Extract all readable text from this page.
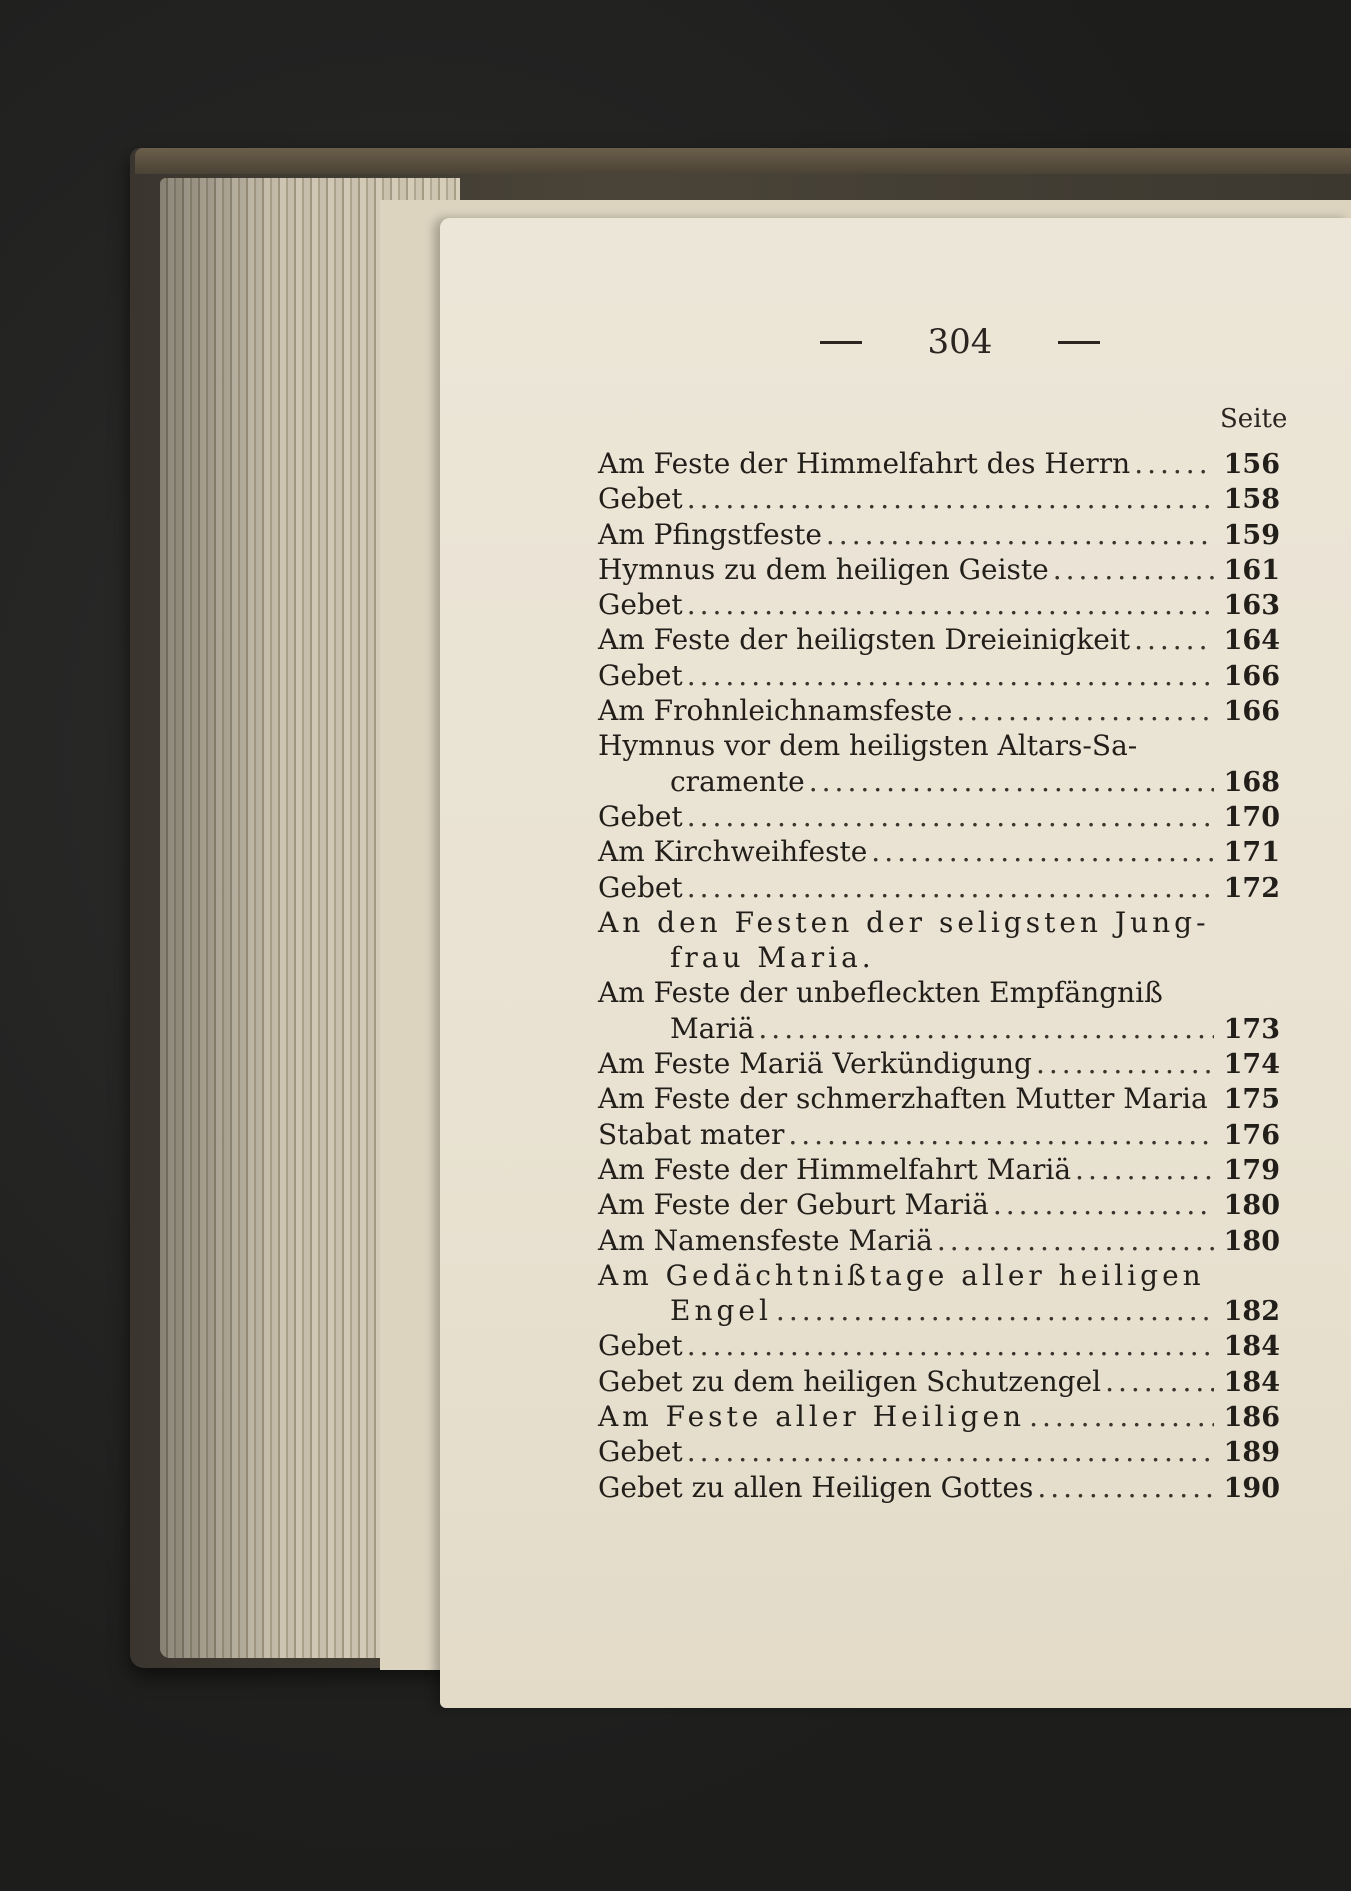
304
Seite
Am Feste der Himmelfahrt des Herrn .....	156
Gebet .....	158
Am Pfingstfeste .....	159
Hymnus zu dem heiligen Geiste .....	161
Gebet .....	163
Am Feste der heiligsten Dreieinigkeit .....	164
Gebet .....	166
Am Frohnleichnamsfeste .....	166
Hymnus vor dem heiligsten Altars-Sa-
cramente .....	168
Gebet .....	170
Am Kirchweihfeste .....	171
Gebet .....	172
An den Festen der seligsten Jung-
frau Maria.
Am Feste der unbefleckten Empfängniß
Mariä .....	173
Am Feste Mariä Verkündigung .....	174
Am Feste der schmerzhaften Mutter Maria ..... 175
Stabat mater .....	176
Am Feste der Himmelfahrt Mariä .....	179
Am Feste der Geburt Mariä .....	180
Am Namensfeste Mariä .....	180
Am Gedächtnißtage aller heiligen
Engel .....	182
Gebet .....	184
Gebet zu dem heiligen Schutzengel .....	184
Am Feste aller Heiligen .....	186
Gebet .....	189
Gebet zu allen Heiligen Gottes .....	190
